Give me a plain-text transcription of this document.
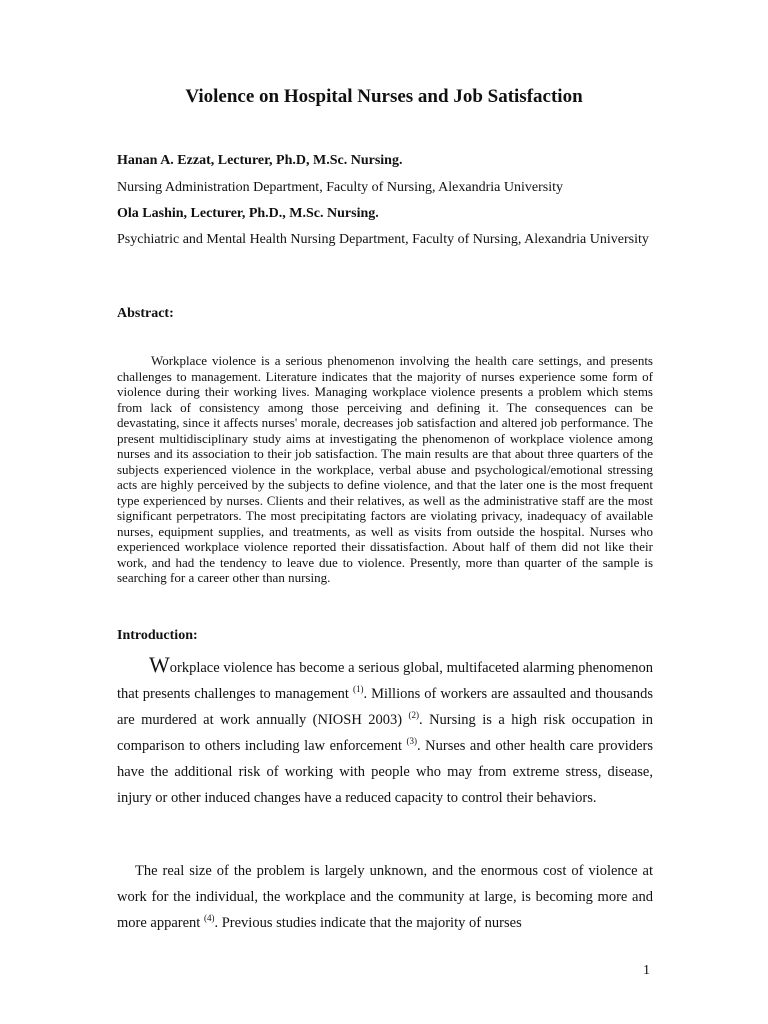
Violence on Hospital Nurses and Job Satisfaction

Hanan A. Ezzat, Lecturer, Ph.D, M.Sc. Nursing.

Nursing Administration Department, Faculty of Nursing, Alexandria University

Ola Lashin, Lecturer, Ph.D., M.Sc. Nursing.

Psychiatric and Mental Health Nursing Department, Faculty of Nursing, Alexandria University

Abstract:

Workplace violence is a serious phenomenon involving the health care settings, and presents challenges to management. Literature indicates that the majority of nurses experience some form of violence during their working lives. Managing workplace violence presents a problem which stems from lack of consistency among those perceiving and defining it. The consequences can be devastating, since it affects nurses' morale, decreases job satisfaction and altered job performance. The present multidisciplinary study aims at investigating the phenomenon of workplace violence among nurses and its association to their job satisfaction. The main results are that about three quarters of the subjects experienced violence in the workplace, verbal abuse and psychological/emotional stressing acts are highly perceived by the subjects to define violence, and that the later one is the most frequent type experienced by nurses. Clients and their relatives, as well as the administrative staff are the most significant perpetrators. The most precipitating factors are violating privacy, inadequacy of available nurses, equipment supplies, and treatments, as well as visits from outside the hospital. Nurses who experienced workplace violence reported their dissatisfaction. About half of them did not like their work, and had the tendency to leave due to violence. Presently, more than quarter of the sample is searching for a career other than nursing.

Introduction:

Workplace violence has become a serious global, multifaceted alarming phenomenon that presents challenges to management $^{(1)}$. Millions of workers are assaulted and thousands are murdered at work annually (NIOSH 2003) $^{(2)}$. Nursing is a high risk occupation in comparison to others including law enforcement $^{(3)}$. Nurses and other health care providers have the additional risk of working with people who may from extreme stress, disease, injury or other induced changes have a reduced capacity to control their behaviors.

The real size of the problem is largely unknown, and the enormous cost of violence at work for the individual, the workplace and the community at large, is becoming more and more apparent $^{(4)}$. Previous studies indicate that the majority of nurses

1
